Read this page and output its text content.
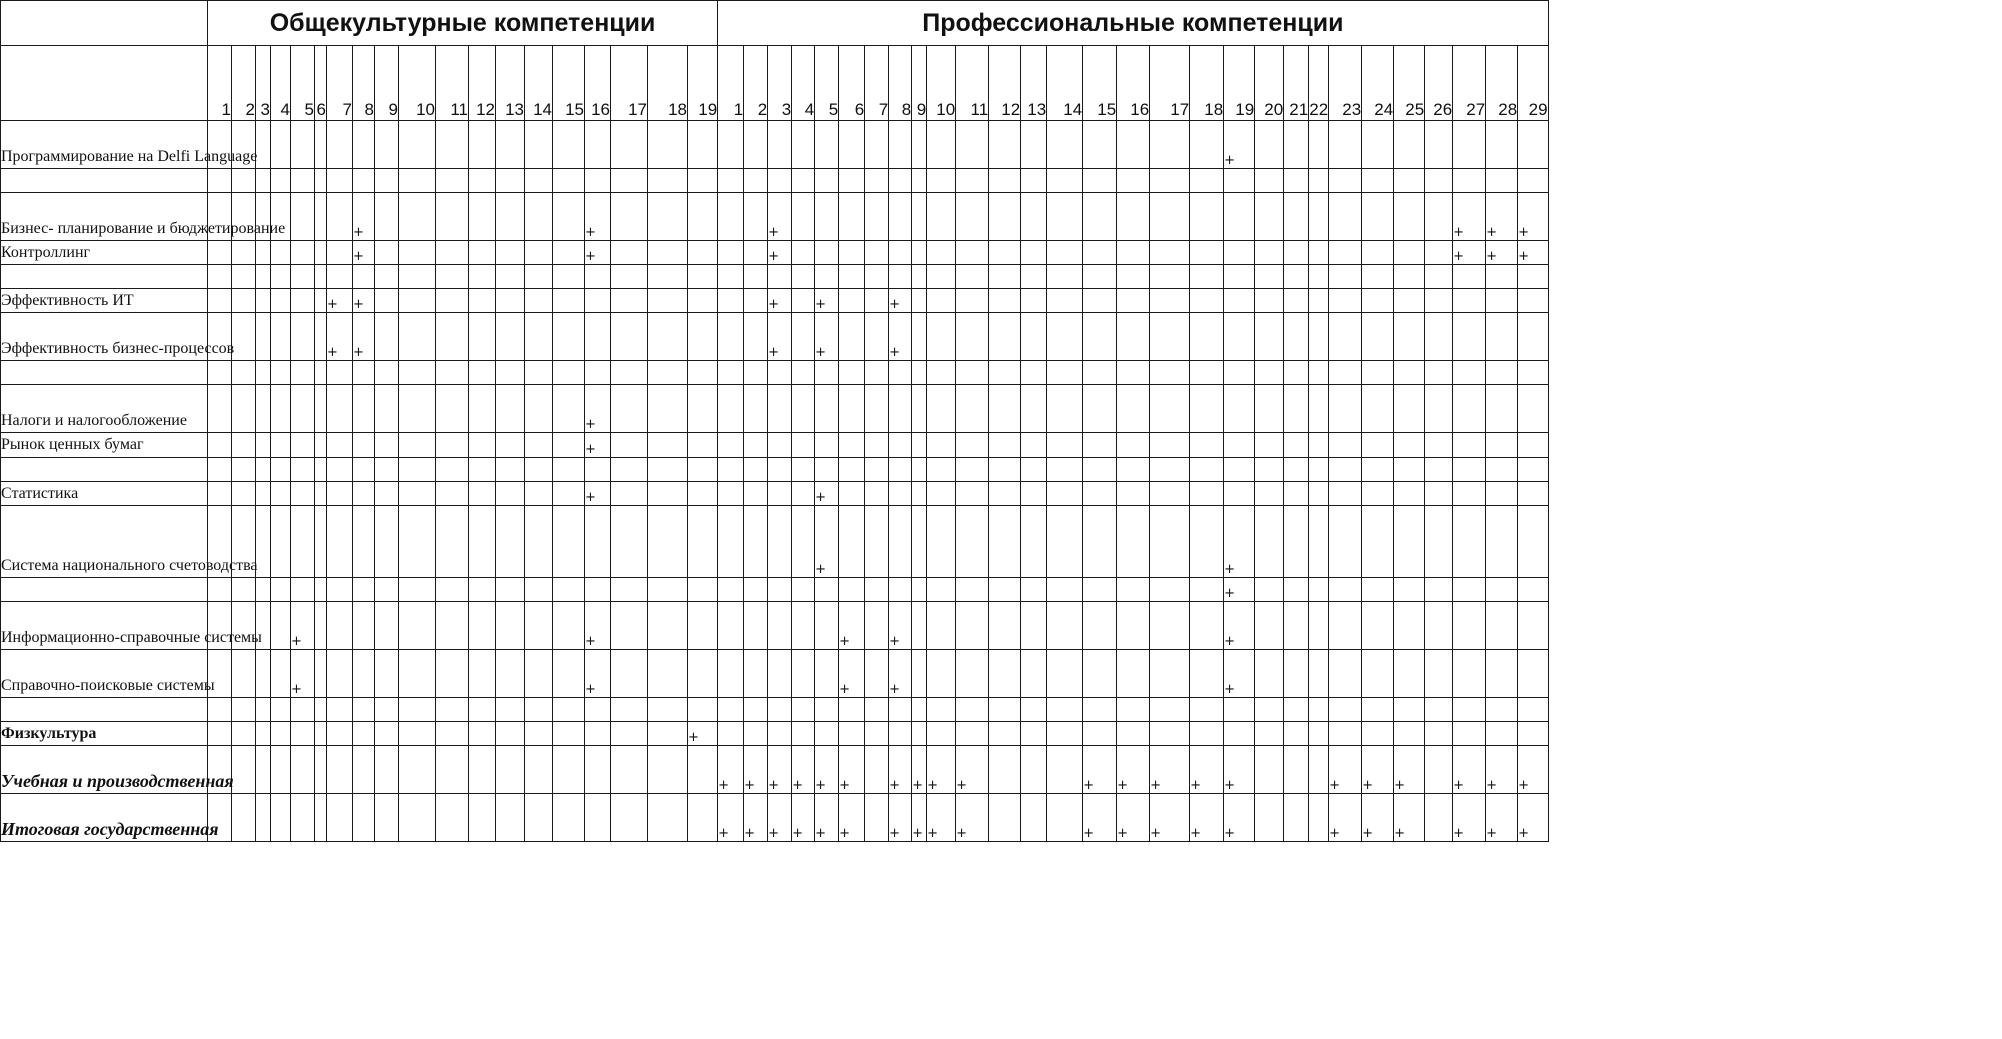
	Общекультурные компетенции																			Профессиональные компетенции																												
	1	2	3	4	5	6	7	8	9	10	11	12	13	14	15	16	17	18	19	1	2	3	4	5	6	7	8	9	10	11	12	13	14	15	16	17	18	19	20	21	22	23	24	25	26	27	28	29
Программирование на Delfi Language																																						+										

Бизнес- планирование и бюджетирование								+								+						+																								+	+	+
Контроллинг								+								+						+																								+	+	+

Эффективность ИТ							+	+														+		+			+																					
Эффективность бизнес-процессов							+	+														+		+			+																					

Налоги и налогообложение																+																																
Рынок ценных бумаг																+																																

Статистика																+								+																								
Система национального счетоводства																								+														+										
																																						+										
Информационно-справочные системы					+											+									+		+											+										
Справочно-поисковые системы					+											+									+		+											+										

Физкультура																			+																													
Учебная и производственная																				+	+	+	+	+	+		+	+	+	+				+	+	+	+	+				+	+	+		+	+	+
Итоговая государственная																				+	+	+	+	+	+		+	+	+	+				+	+	+	+	+				+	+	+		+	+	+
